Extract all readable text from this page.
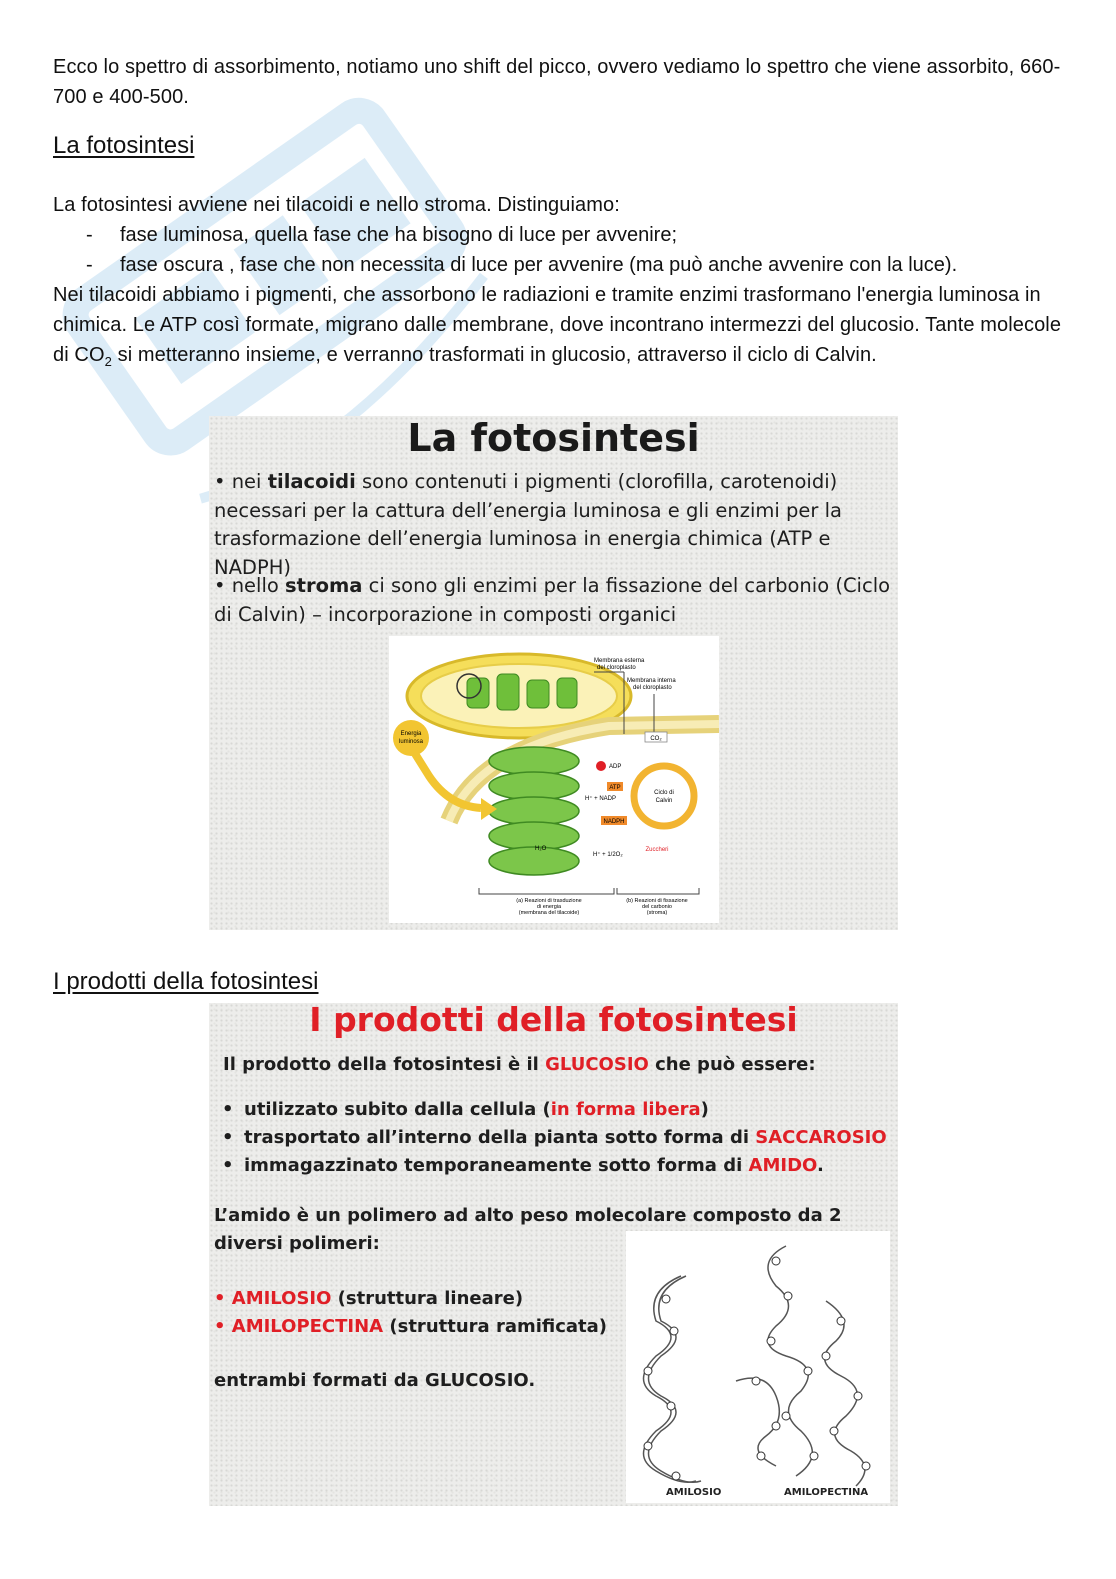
Ecco lo spettro di assorbimento, notiamo uno shift del picco, ovvero vediamo lo spettro che viene assorbito, 660-700 e 400-500.

La fotosintesi

La fotosintesi avviene nei tilacoidi e nello stroma. Distinguiamo:

- fase luminosa, quella fase che ha bisogno di luce per avvenire;
- fase oscura , fase che non necessita di luce per avvenire (ma può anche avvenire con la luce).

Nei tilacoidi abbiamo i pigmenti, che assorbono le radiazioni e tramite enzimi trasformano l'energia luminosa in chimica. Le ATP così formate, migrano dalle membrane, dove incontrano intermezzi del glucosio. Tante molecole di $CO_2$ si metteranno insieme, e verranno trasformati in glucosio, attraverso il ciclo di Calvin.

La fotosintesi
• nei tilacoidi sono contenuti i pigmenti (clorofilla, carotenoidi) necessari per la cattura dell’energia luminosa e gli enzimi per la trasformazione dell’energia luminosa in energia chimica (ATP e NADPH)
• nello stroma ci sono gli enzimi per la fissazione del carbonio (Ciclo di Calvin) – incorporazione in composti organici
Energia
luminosa
Membrana esterna
del cloroplasto
Membrana interna
del cloroplasto
CO₂
Ciclo di
Calvin
ADP
ATP
H⁺ + NADP
NADPH
H₂O
H⁺ + 1/2O₂
Zuccheri
(a) Reazioni di trasduzione
di energia
(membrana del tilacoide)
(b) Reazioni di fissazione
del carbonio
(stroma)
I prodotti della fotosintesi
I prodotti della fotosintesi
Il prodotto della fotosintesi è il GLUCOSIO che può essere:
• utilizzato subito dalla cellula (in forma libera)
• trasportato all’interno della pianta sotto forma di SACCAROSIO
• immagazzinato temporaneamente sotto forma di AMIDO.
L’amido è un polimero ad alto peso molecolare composto da 2 diversi polimeri:
• AMILOSIO (struttura lineare)
• AMILOPECTINA (struttura ramificata)
entrambi formati da GLUCOSIO.
AMILOSIO	AMILOPECTINA
